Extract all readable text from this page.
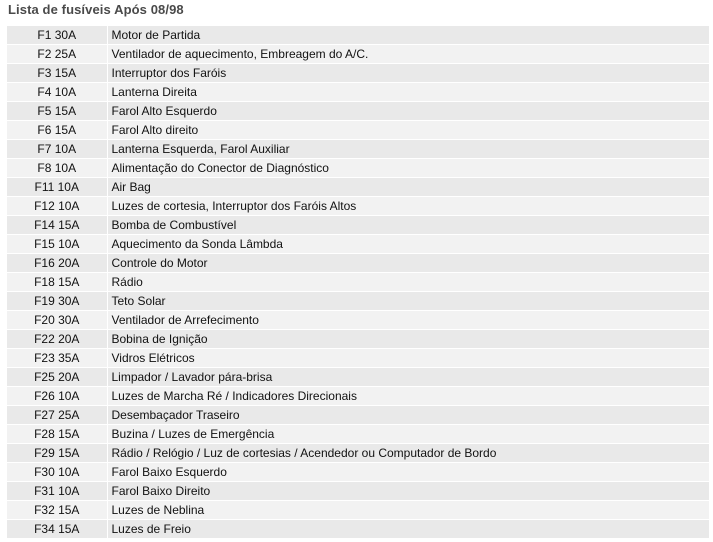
Lista de fusíveis Após 08/98
F1 30A	Motor de Partida
F2 25A	Ventilador de aquecimento, Embreagem do A/C.
F3 15A	Interruptor dos Faróis
F4 10A	Lanterna Direita
F5 15A	Farol Alto Esquerdo
F6 15A	Farol Alto direito
F7 10A	Lanterna Esquerda, Farol Auxiliar
F8 10A	Alimentação do Conector de Diagnóstico
F11 10A	Air Bag
F12 10A	Luzes de cortesia, Interruptor dos Faróis Altos
F14 15A	Bomba de Combustível
F15 10A	Aquecimento da Sonda Lâmbda
F16 20A	Controle do Motor
F18 15A	Rádio
F19 30A	Teto Solar
F20 30A	Ventilador de Arrefecimento
F22 20A	Bobina de Ignição
F23 35A	Vidros Elétricos
F25 20A	Limpador / Lavador pára-brisa
F26 10A	Luzes de Marcha Ré / Indicadores Direcionais
F27 25A	Desembaçador Traseiro
F28 15A	Buzina / Luzes de Emergência
F29 15A	Rádio / Relógio / Luz de cortesias / Acendedor ou Computador de Bordo
F30 10A	Farol Baixo Esquerdo
F31 10A	Farol Baixo Direito
F32 15A	Luzes de Neblina
F34 15A	Luzes de Freio
